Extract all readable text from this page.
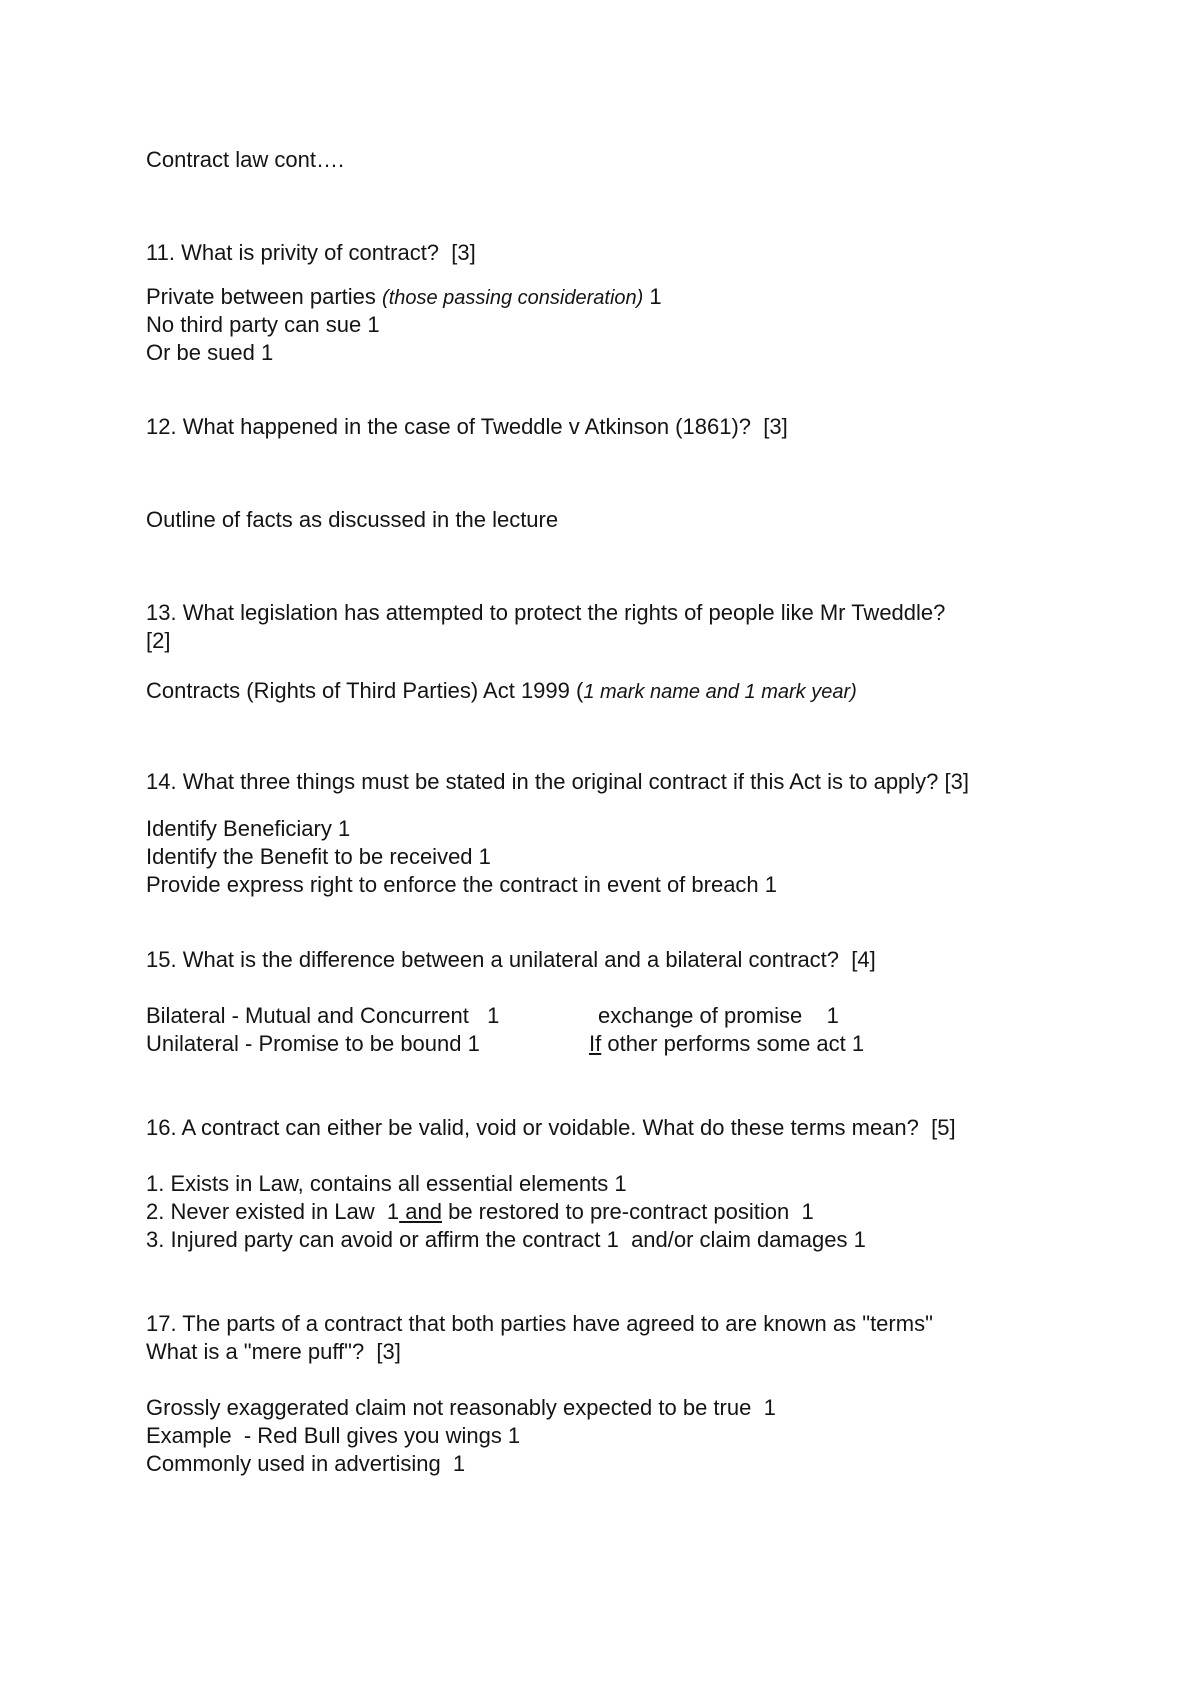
Contract law cont….

11. What is privity of contract?  [3]

Private between parties (those passing consideration) 1

No third party can sue 1

Or be sued 1

12. What happened in the case of Tweddle v Atkinson (1861)?  [3]

Outline of facts as discussed in the lecture

13. What legislation has attempted to protect the rights of people like Mr Tweddle?

[2]

Contracts (Rights of Third Parties) Act 1999 (1 mark name and 1 mark year)

14. What three things must be stated in the original contract if this Act is to apply? [3]

Identify Beneficiary 1

Identify the Benefit to be received 1

Provide express right to enforce the contract in event of breach 1

15. What is the difference between a unilateral and a bilateral contract?  [4]

Bilateral - Mutual and Concurrent   1	exchange of promise    1

Unilateral - Promise to be bound 1	If other performs some act 1

16. A contract can either be valid, void or voidable. What do these terms mean?  [5]

1. Exists in Law, contains all essential elements 1

2. Never existed in Law  1 and be restored to pre-contract position  1

3. Injured party can avoid or affirm the contract 1  and/or claim damages 1

17. The parts of a contract that both parties have agreed to are known as "terms"

What is a "mere puff"?  [3]

Grossly exaggerated claim not reasonably expected to be true  1

Example  - Red Bull gives you wings 1

Commonly used in advertising  1
